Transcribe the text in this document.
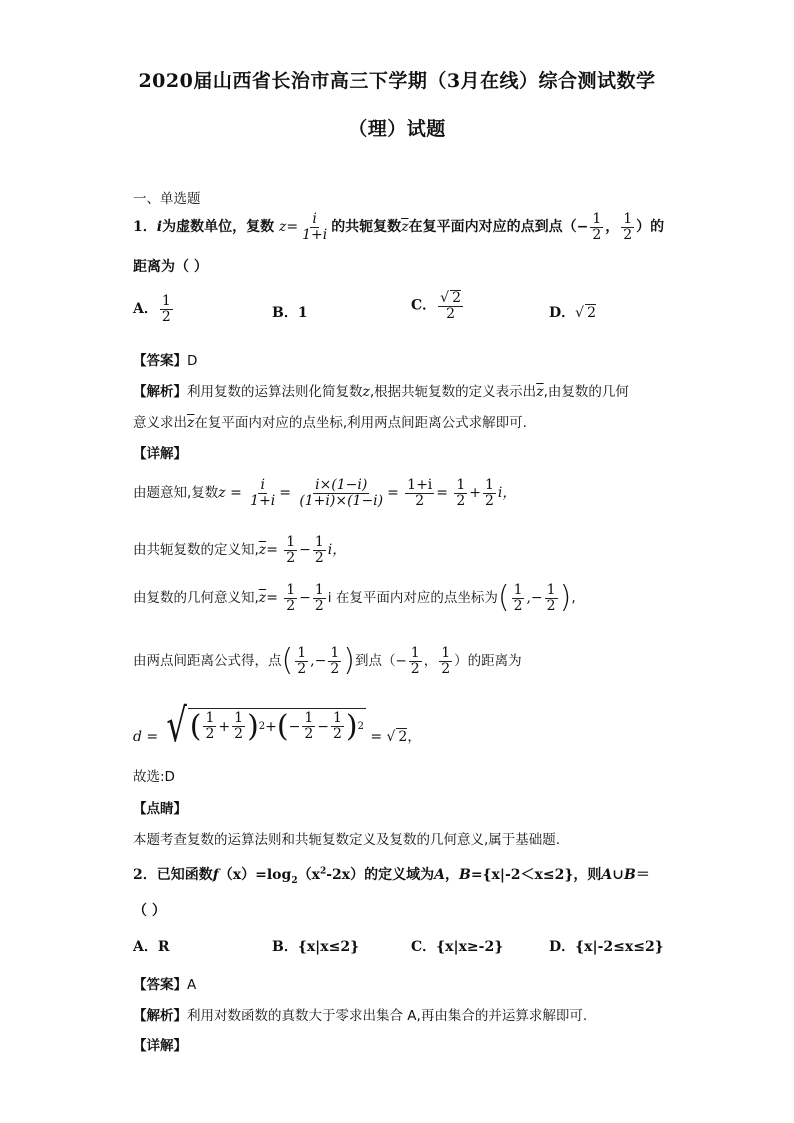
2020届山西省长治市高三下学期（3月在线）综合测试数学
（理）试题
一、单选题
1．i为虚数单位，复数 $z= \frac{i}{1+i}$ 的共轭复数$\overline{z}$在复平面内对应的点到点（− $\frac{1}{2}$ ， $\frac{1}{2}$ ）的
距离为（ ）
A． $\frac{1}{2}$	B．1	C． $\frac{√ 2}{2}$	D．√ 2
【答案】D
【解析】利用复数的运算法则化简复数z,根据共轭复数的定义表示出$\overline{z}$,由复数的几何
意义求出$\overline{z}$在复平面内对应的点坐标,利用两点间距离公式求解即可.
【详解】
由题意知,复数$z = \frac{i}{1+i} = \frac{i\times(1-i)}{(1+i)\times(1-i)} = \frac{1+i}{2} = \frac{1}{2} + \frac{1}{2}$ i，
由共轭复数的定义知$,\overline{z}= \frac{1}{2} - \frac{1}{2}$ i，
由复数的几何意义知$,\overline{z}= \frac{1}{2} - \frac{1}{2}$ i 在复平面内对应的点坐标为( $\frac{1}{2}$ ,− $\frac{1}{2}$ ),
由两点间距离公式得，点( $\frac{1}{2}$ ,− $\frac{1}{2}$ )到点（− $\frac{1}{2}$ ， $\frac{1}{2}$ ）的距离为
d = √ ( $\frac{1}{2} + \frac{1}{2}$ ) 2 + ( − $\frac{1}{2} - \frac{1}{2}$ ) 2
= √ 2，
故选:D
【点睛】
本题考查复数的运算法则和共轭复数定义及复数的几何意义,属于基础题.
2．已知函数$f(x)=\log_2(x^2-2x)$的定义域为A，B={x|-2＜x≤2}，则A∪B＝
（ ）
A．R	B．{x|x≤2}	C．{x|x≥-2}	D．{x|-2≤x≤2}
【答案】A
【解析】利用对数函数的真数大于零求出集合 A,再由集合的并运算求解即可.
【详解】
